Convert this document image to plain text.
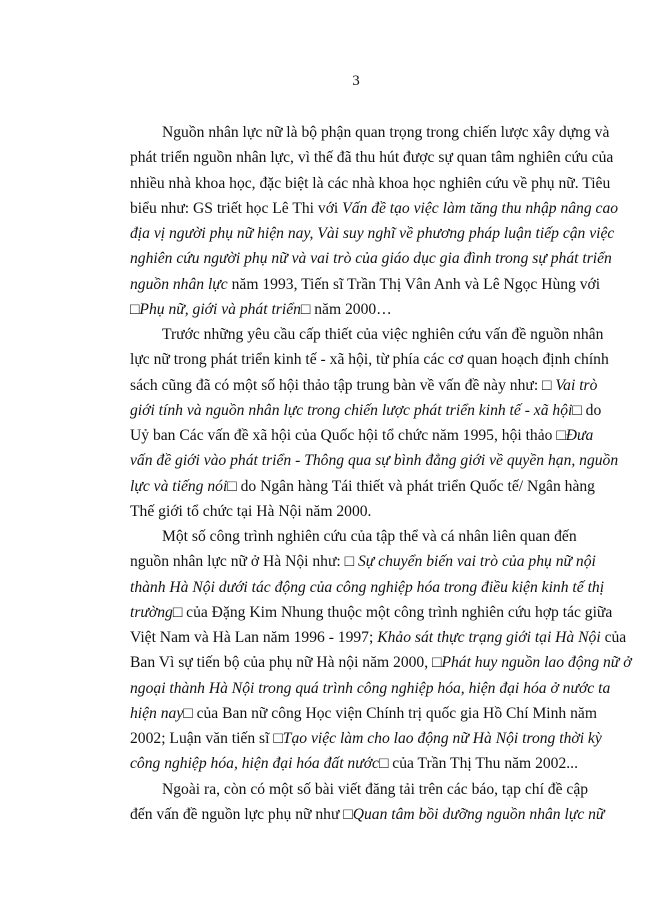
3
Nguồn nhân lực nữ là bộ phận quan trọng trong chiến lược xây dựng và
phát triển nguồn nhân lực, vì thế đã thu hút được sự quan tâm nghiên cứu của
nhiều nhà khoa học, đặc biệt là các nhà khoa học nghiên cứu về phụ nữ. Tiêu
biểu như: GS triết học Lê Thi với Vấn đề tạo việc làm tăng thu nhập nâng cao
địa vị người phụ nữ hiện nay, Vài suy nghĩ về phương pháp luận tiếp cận việc
nghiên cứu người phụ nữ và vai trò của giáo dục gia đình trong sự phát triển
nguồn nhân lực năm 1993, Tiến sĩ Trần Thị Vân Anh và Lê Ngọc Hùng với
□Phụ nữ, giới và phát triển□ năm 2000…
Trước những yêu cầu cấp thiết của việc nghiên cứu vấn đề nguồn nhân
lực nữ trong phát triển kinh tế - xã hội, từ phía các cơ quan hoạch định chính
sách cũng đã có một số hội thảo tập trung bàn về vấn đề này như: □ Vai trò
giới tính và nguồn nhân lực trong chiến lược phát triển kinh tế - xã hội□ do
Uỷ ban Các vấn đề xã hội của Quốc hội tổ chức năm 1995, hội thảo □Đưa
vấn đề giới vào phát triển - Thông qua sự bình đẳng giới về quyền hạn, nguồn
lực và tiếng nói□ do Ngân hàng Tái thiết và phát triển Quốc tế/ Ngân hàng
Thế giới tổ chức tại Hà Nội năm 2000.
Một số công trình nghiên cứu của tập thể và cá nhân liên quan đến
nguồn nhân lực nữ ở Hà Nội như: □ Sự chuyển biến vai trò của phụ nữ nội
thành Hà Nội dưới tác động của công nghiệp hóa trong điều kiện kinh tế thị
trường□ của Đặng Kim Nhung thuộc một công trình nghiên cứu hợp tác giữa
Việt Nam và Hà Lan năm 1996 - 1997; Khảo sát thực trạng giới tại Hà Nội của
Ban Vì sự tiến bộ của phụ nữ Hà nội năm 2000, □Phát huy nguồn lao động nữ ở
ngoại thành Hà Nội trong quá trình công nghiệp hóa, hiện đại hóa ở nước ta
hiện nay□ của Ban nữ công Học viện Chính trị quốc gia Hồ Chí Minh năm
2002; Luận văn tiến sĩ □Tạo việc làm cho lao động nữ Hà Nội trong thời kỳ
công nghiệp hóa, hiện đại hóa đất nước□ của Trần Thị Thu năm 2002...
Ngoài ra, còn có một số bài viết đăng tải trên các báo, tạp chí đề cập
đến vấn đề nguồn lực phụ nữ như □Quan tâm bồi dưỡng nguồn nhân lực nữ
